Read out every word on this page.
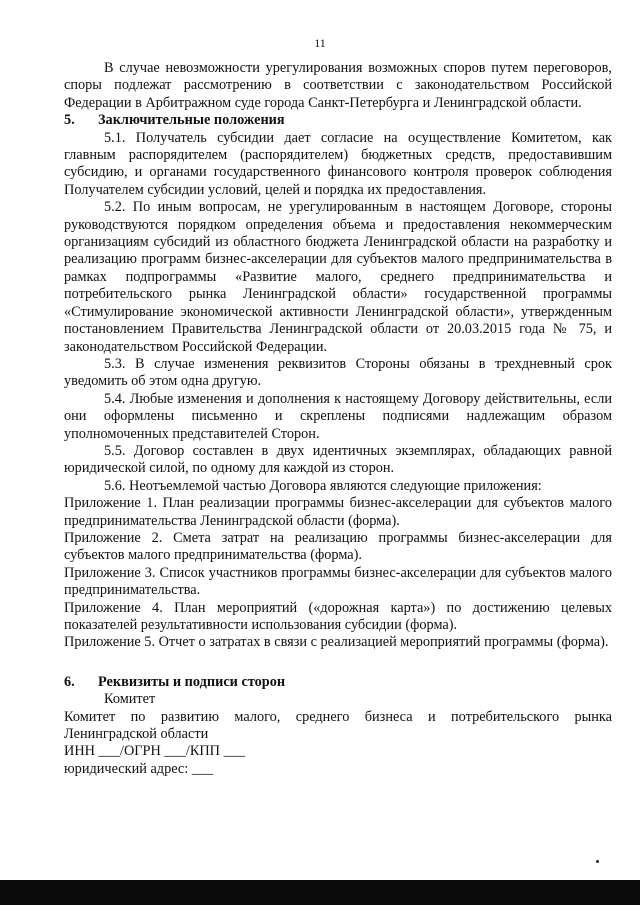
11

В случае невозможности урегулирования возможных споров путем переговоров, споры подлежат рассмотрению в соответствии с законодательством Российской Федерации в Арбитражном суде города Санкт-Петербурга и Ленинградской области.

5. Заключительные положения

5.1. Получатель субсидии дает согласие на осуществление Комитетом, как главным распорядителем (распорядителем) бюджетных средств, предоставившим субсидию, и органами государственного финансового контроля проверок соблюдения Получателем субсидии условий, целей и порядка их предоставления.

5.2. По иным вопросам, не урегулированным в настоящем Договоре, стороны руководствуются порядком определения объема и предоставления некоммерческим организациям субсидий из областного бюджета Ленинградской области на разработку и реализацию программ бизнес-акселерации для субъектов малого предпринимательства в рамках подпрограммы «Развитие малого, среднего предпринимательства и потребительского рынка Ленинградской области» государственной программы «Стимулирование экономической активности Ленинградской области», утвержденным постановлением Правительства Ленинградской области от 20.03.2015 года № 75, и законодательством Российской Федерации.

5.3. В случае изменения реквизитов Стороны обязаны в трехдневный срок уведомить об этом одна другую.

5.4. Любые изменения и дополнения к настоящему Договору действительны, если они оформлены письменно и скреплены подписями надлежащим образом уполномоченных представителей Сторон.

5.5. Договор составлен в двух идентичных экземплярах, обладающих равной юридической силой, по одному для каждой из сторон.

5.6. Неотъемлемой частью Договора являются следующие приложения:

Приложение 1. План реализации программы бизнес-акселерации для субъектов малого предпринимательства Ленинградской области (форма).

Приложение 2. Смета затрат на реализацию программы бизнес-акселерации для субъектов малого предпринимательства (форма).

Приложение 3. Список участников программы бизнес-акселерации для субъектов малого предпринимательства.

Приложение 4. План мероприятий («дорожная карта») по достижению целевых показателей результативности использования субсидии (форма).

Приложение 5. Отчет о затратах в связи с реализацией мероприятий программы (форма).

6. Реквизиты и подписи сторон

Комитет

Комитет по развитию малого, среднего бизнеса и потребительского рынка Ленинградской области

ИНН ___/ОГРН ___/КПП ___

юридический адрес: ___
